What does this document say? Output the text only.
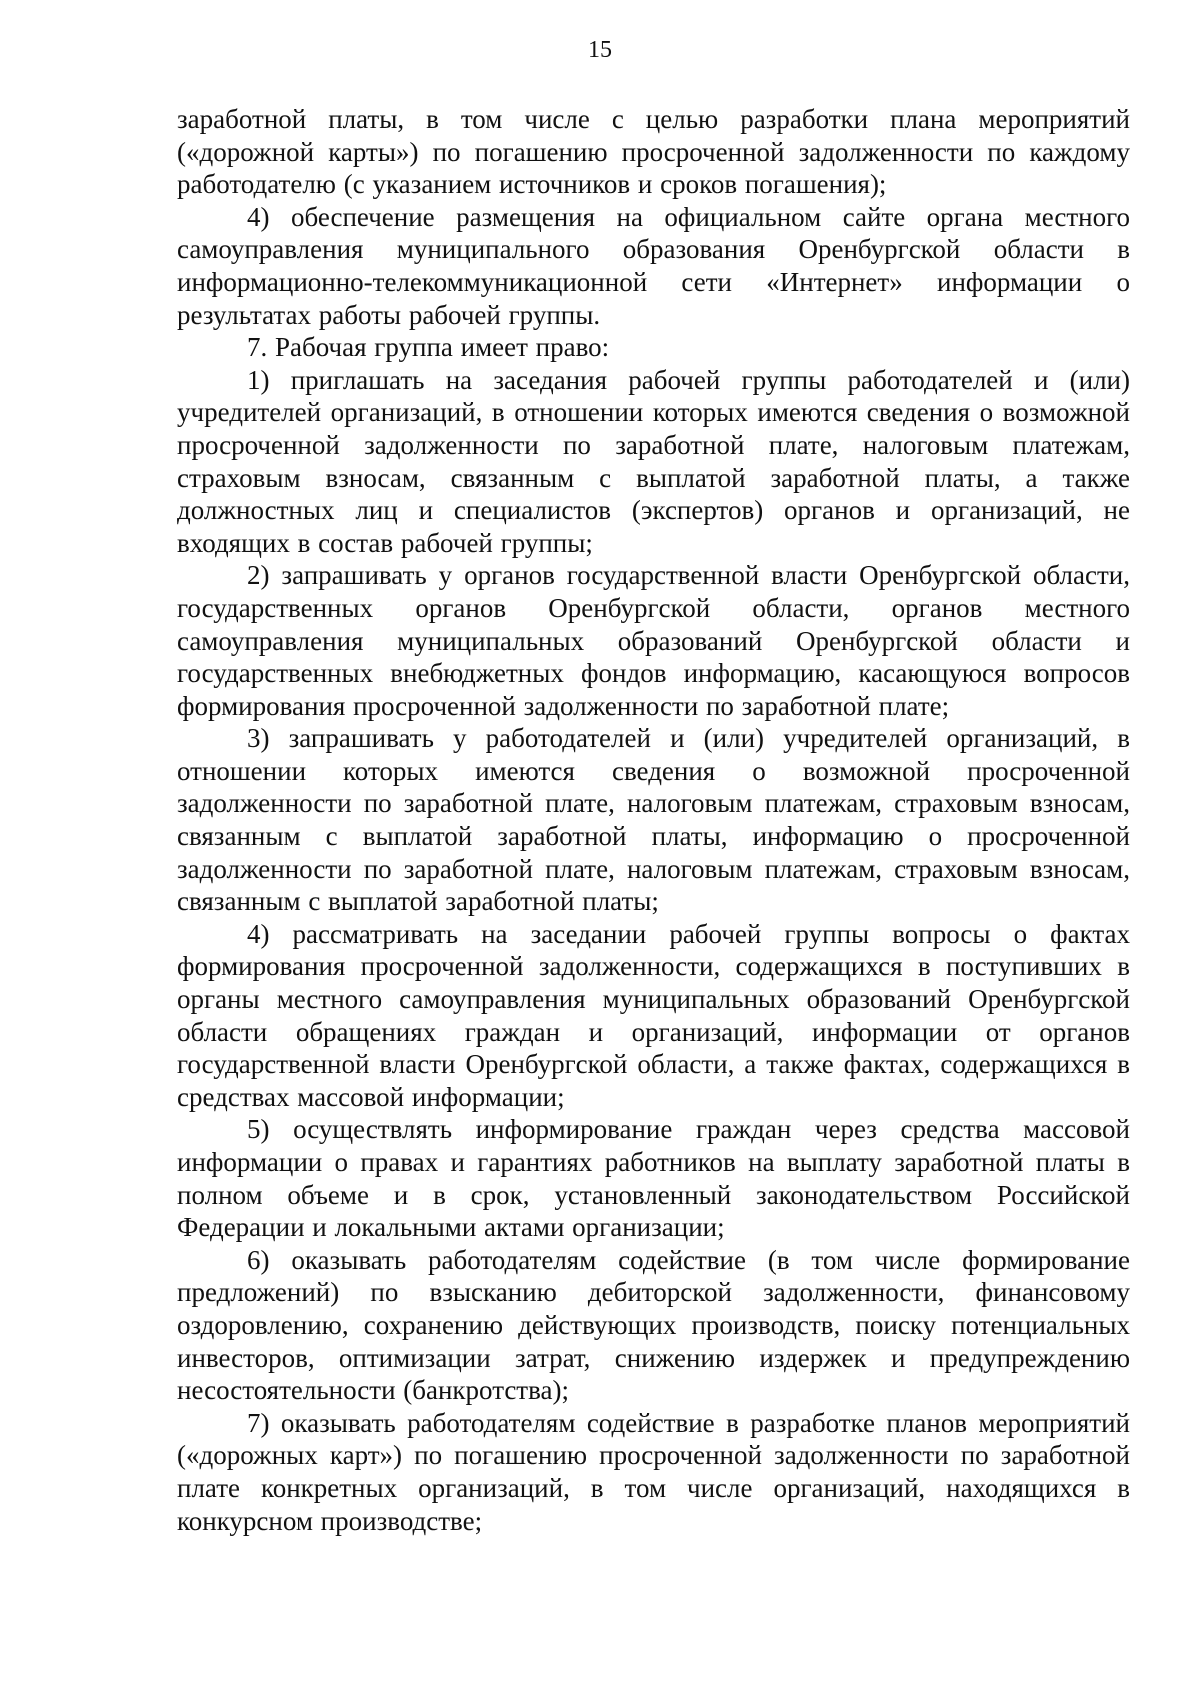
15

заработной платы, в том числе с целью разработки плана мероприятий («дорожной карты») по погашению просроченной задолженности по каждому работодателю (с указанием источников и сроков погашения);

4) обеспечение размещения на официальном сайте органа местного самоуправления муниципального образования Оренбургской области в информационно-телекоммуникационной сети «Интернет» информации о результатах работы рабочей группы.

7. Рабочая группа имеет право:

1) приглашать на заседания рабочей группы работодателей и (или) учредителей организаций, в отношении которых имеются сведения о возможной просроченной задолженности по заработной плате, налоговым платежам, страховым взносам, связанным с выплатой заработной платы, а также должностных лиц и специалистов (экспертов) органов и организаций, не входящих в состав рабочей группы;

2) запрашивать у органов государственной власти Оренбургской области, государственных органов Оренбургской области, органов местного самоуправления муниципальных образований Оренбургской области и государственных внебюджетных фондов информацию, касающуюся вопросов формирования просроченной задолженности по заработной плате;

3) запрашивать у работодателей и (или) учредителей организаций, в отношении которых имеются сведения о возможной просроченной задолженности по заработной плате, налоговым платежам, страховым взносам, связанным с выплатой заработной платы, информацию о просроченной задолженности по заработной плате, налоговым платежам, страховым взносам, связанным с выплатой заработной платы;

4) рассматривать на заседании рабочей группы вопросы о фактах формирования просроченной задолженности, содержащихся в поступивших в органы местного самоуправления муниципальных образований Оренбургской области обращениях граждан и организаций, информации от органов государственной власти Оренбургской области, а также фактах, содержащихся в средствах массовой информации;

5) осуществлять информирование граждан через средства массовой информации о правах и гарантиях работников на выплату заработной платы в полном объеме и в срок, установленный законодательством Российской Федерации и локальными актами организации;

6) оказывать работодателям содействие (в том числе формирование предложений) по взысканию дебиторской задолженности, финансовому оздоровлению, сохранению действующих производств, поиску потенциальных инвесторов, оптимизации затрат, снижению издержек и предупреждению несостоятельности (банкротства);

7) оказывать работодателям содействие в разработке планов мероприятий («дорожных карт») по погашению просроченной задолженности по заработной плате конкретных организаций, в том числе организаций, находящихся в конкурсном производстве;
